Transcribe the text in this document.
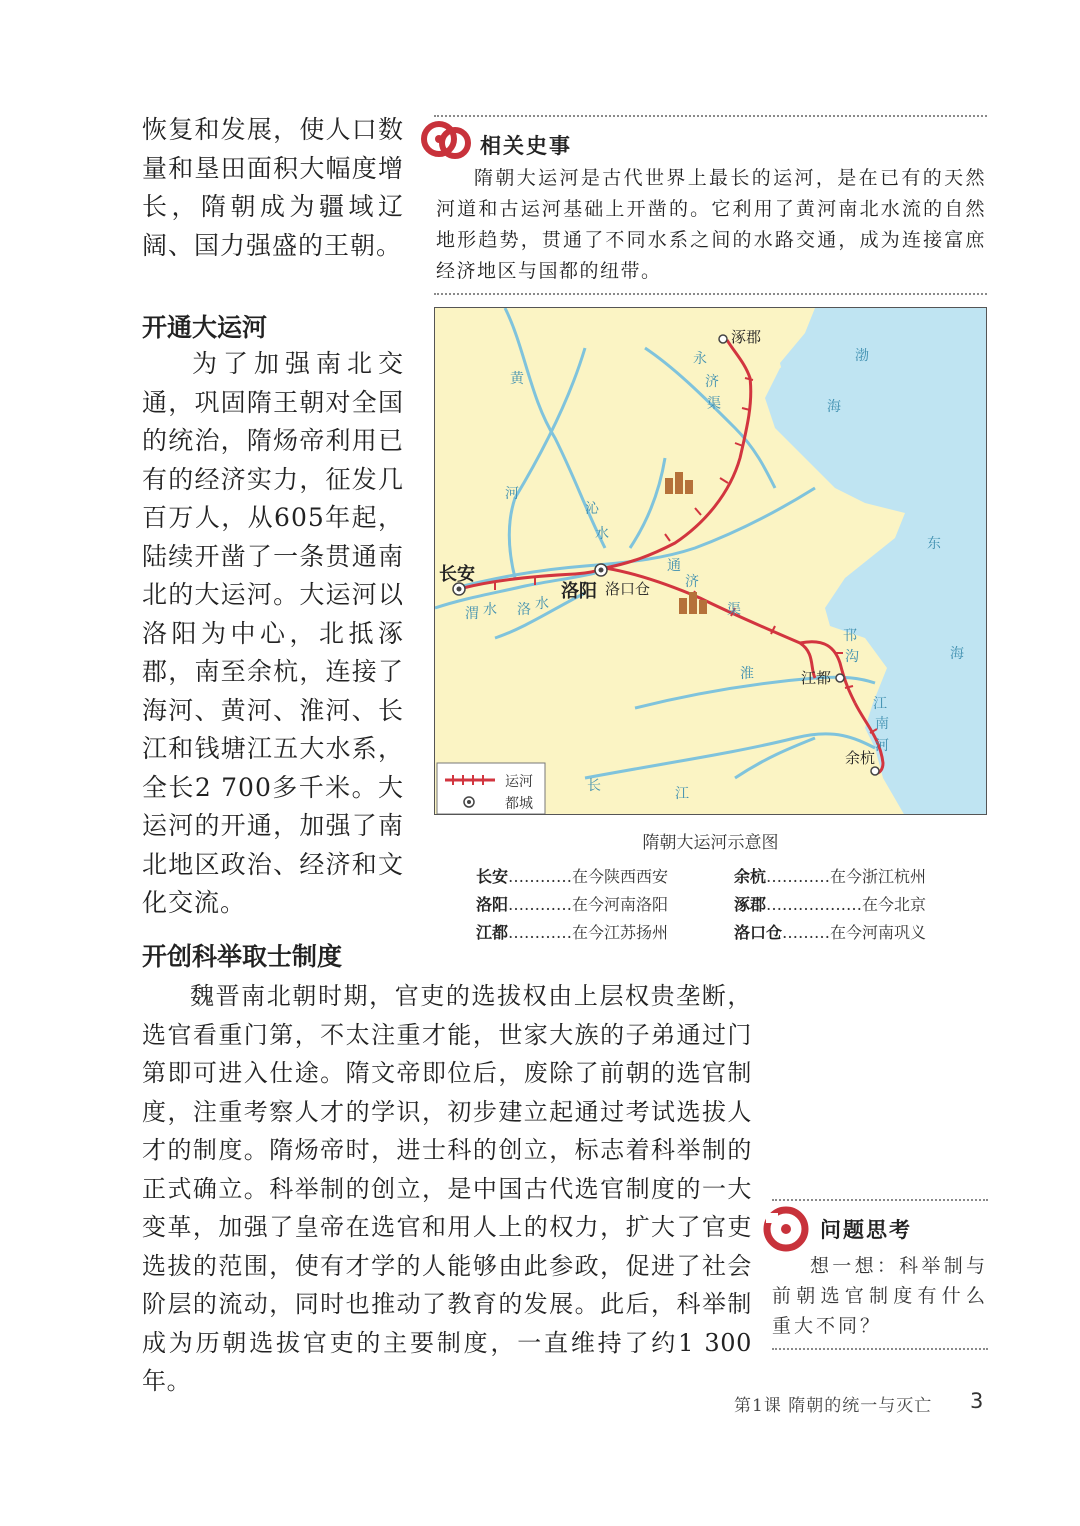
恢复和发展，使人口数量和垦田面积大幅度增长，隋朝成为疆域辽阔、国力强盛的王朝。

开通大运河

为了加强南北交通，巩固隋王朝对全国的统治，隋炀帝利用已有的经济实力，征发几百万人，从605年起，陆续开凿了一条贯通南北的大运河。大运河以洛阳为中心，北抵涿郡，南至余杭，连接了海河、黄河、淮河、长江和钱塘江五大水系，全长2 700多千米。大运河的开通，加强了南北地区政治、经济和文化交流。

相关史事
隋朝大运河是古代世界上最长的运河，是在已有的天然河道和古运河基础上开凿的。它利用了黄河南北水流的自然地形趋势，贯通了不同水系之间的水路交通，成为连接富庶经济地区与国都的纽带。
涿郡
长安
洛阳 洛口仓
江都
余杭
渤
海
东
海
黄
河
永
济
渠
沁
水
通
济
渠
邗
沟
江
南
河
渭 水 洛 水
淮
长	江
运河
都城
隋朝大运河示意图
长安…………在今陕西西安
洛阳…………在今河南洛阳
江都…………在今江苏扬州
余杭…………在今浙江杭州
涿郡………………在今北京
洛口仓………在今河南巩义
开创科举取士制度

魏晋南北朝时期，官吏的选拔权由上层权贵垄断，选官看重门第，不太注重才能，世家大族的子弟通过门第即可进入仕途。隋文帝即位后，废除了前朝的选官制度，注重考察人才的学识，初步建立起通过考试选拔人才的制度。隋炀帝时，进士科的创立，标志着科举制的正式确立。科举制的创立，是中国古代选官制度的一大变革，加强了皇帝在选官和用人上的权力，扩大了官吏选拔的范围，使有才学的人能够由此参政，促进了社会阶层的流动，同时也推动了教育的发展。此后，科举制成为历朝选拔官吏的主要制度，一直维持了约1 300年。

问题思考
想一想：科举制与前朝选官制度有什么重大不同？
第1课 隋朝的统一与灭亡 3
